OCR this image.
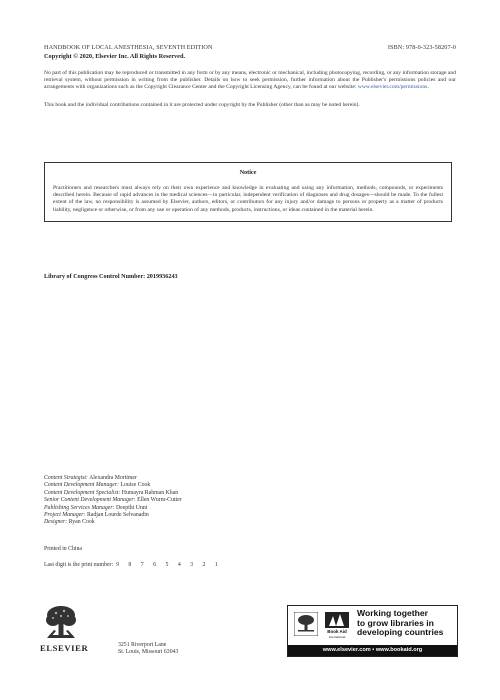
HANDBOOK OF LOCAL ANESTHESIA, SEVENTH EDITION	ISBN: 978-0-323-58207-0
Copyright © 2020, Elsevier Inc. All Rights Reserved.
No part of this publication may be reproduced or transmitted in any form or by any means, electronic or mechanical, including photocopying, recording, or any information storage and retrieval system, without permission in writing from the publisher. Details on how to seek permission, further information about the Publisher's permissions policies and our arrangements with organizations such as the Copyright Clearance Center and the Copyright Licensing Agency, can be found at our website: www.elsevier.com/permissions.
This book and the individual contributions contained in it are protected under copyright by the Publisher (other than as may be noted herein).
Notice
Practitioners and researchers must always rely on their own experience and knowledge in evaluating and using any information, methods, compounds, or experiments described herein. Because of rapid advances in the medical sciences—in particular, independent verification of diagnoses and drug dosages—should be made. To the fullest extent of the law, no responsibility is assumed by Elsevier, authors, editors, or contributors for any injury and/or damage to persons or property as a matter of products liability, negligence or otherwise, or from any use or operation of any methods, products, instructions, or ideas contained in the material herein.
Library of Congress Control Number: 2019936243
Content Strategist: Alexandra Mortimer
Content Development Manager: Louise Cook
Content Development Specialist: Humayra Rahman Khan
Senior Content Development Manager: Ellen Wurm-Cutter
Publishing Services Manager: Deepthi Unni
Project Manager: Radjan Lourde Selvanadin
Designer: Ryan Cook
Printed in China
Last digit is the print number: 9 8 7 6 5 4 3 2 1
ELSEVIER	3251 Riverport Lane
St. Louis, Missouri 63043
Book Aid
International
Working together
to grow libraries in
developing countries
www.elsevier.com • www.bookaid.org
